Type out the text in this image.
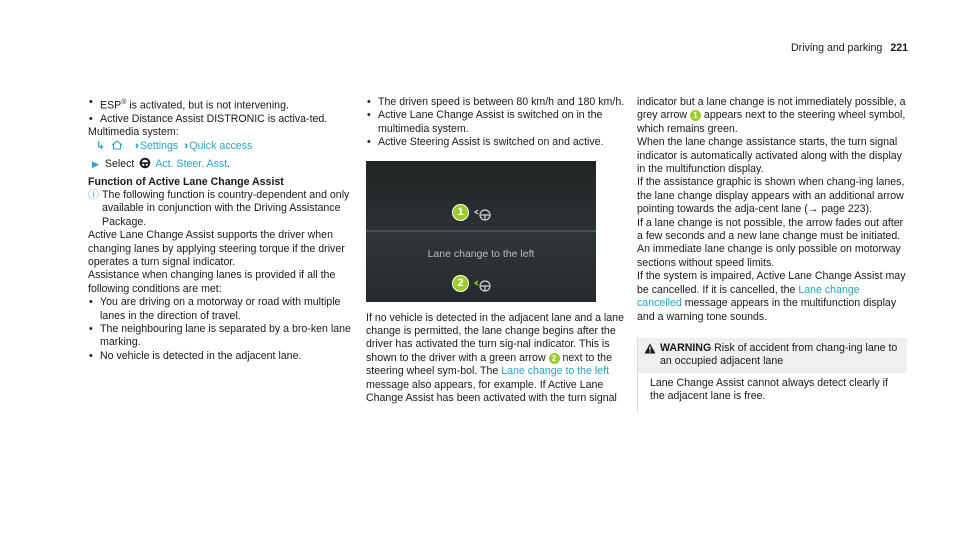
Driving and parking 221
• ESP® is activated, but is not intervening.
• Active Distance Assist DISTRONIC is activa-ted.

Multimedia system:

↳	›› Settings ›› Quick access

▶ Select Act. Steer. Asst.

Function of Active Lane Change Assist

ⓘ The following function is country-dependent and only available in conjunction with the Driving Assistance Package.

Active Lane Change Assist supports the driver when changing lanes by applying steering torque if the driver operates a turn signal indicator.

Assistance when changing lanes is provided if all the following conditions are met:

• You are driving on a motorway or road with multiple lanes in the direction of travel.
• The neighbouring lane is separated by a bro-ken lane marking.
• No vehicle is detected in the adjacent lane.
• The driven speed is between 80 km/h and 180 km/h.
• Active Lane Change Assist is switched on in the multimedia system.
• Active Steering Assist is switched on and active.
1
Lane change to the left
2

If no vehicle is detected in the adjacent lane and a lane change is permitted, the lane change begins after the driver has activated the turn sig-nal indicator. This is shown to the driver with a green arrow 2 next to the steering wheel sym-bol. The Lane change to the left message also appears, for example. If Active Lane Change Assist has been activated with the turn signal

indicator but a lane change is not immediately possible, a grey arrow 1 appears next to the steering wheel symbol, which remains green.

When the lane change assistance starts, the turn signal indicator is automatically activated along with the display in the multifunction display.

If the assistance graphic is shown when chang-ing lanes, the lane change display appears with an additional arrow pointing towards the adja-cent lane (→ page 223).

If a lane change is not possible, the arrow fades out after a few seconds and a new lane change must be initiated. An immediate lane change is only possible on motorway sections without speed limits.

If the system is impaired, Active Lane Change Assist may be cancelled. If it is cancelled, the Lane change cancelled message appears in the multifunction display and a warning tone sounds.

WARNING Risk of accident from chang-ing lane to an occupied adjacent lane
Lane Change Assist cannot always detect clearly if the adjacent lane is free.
